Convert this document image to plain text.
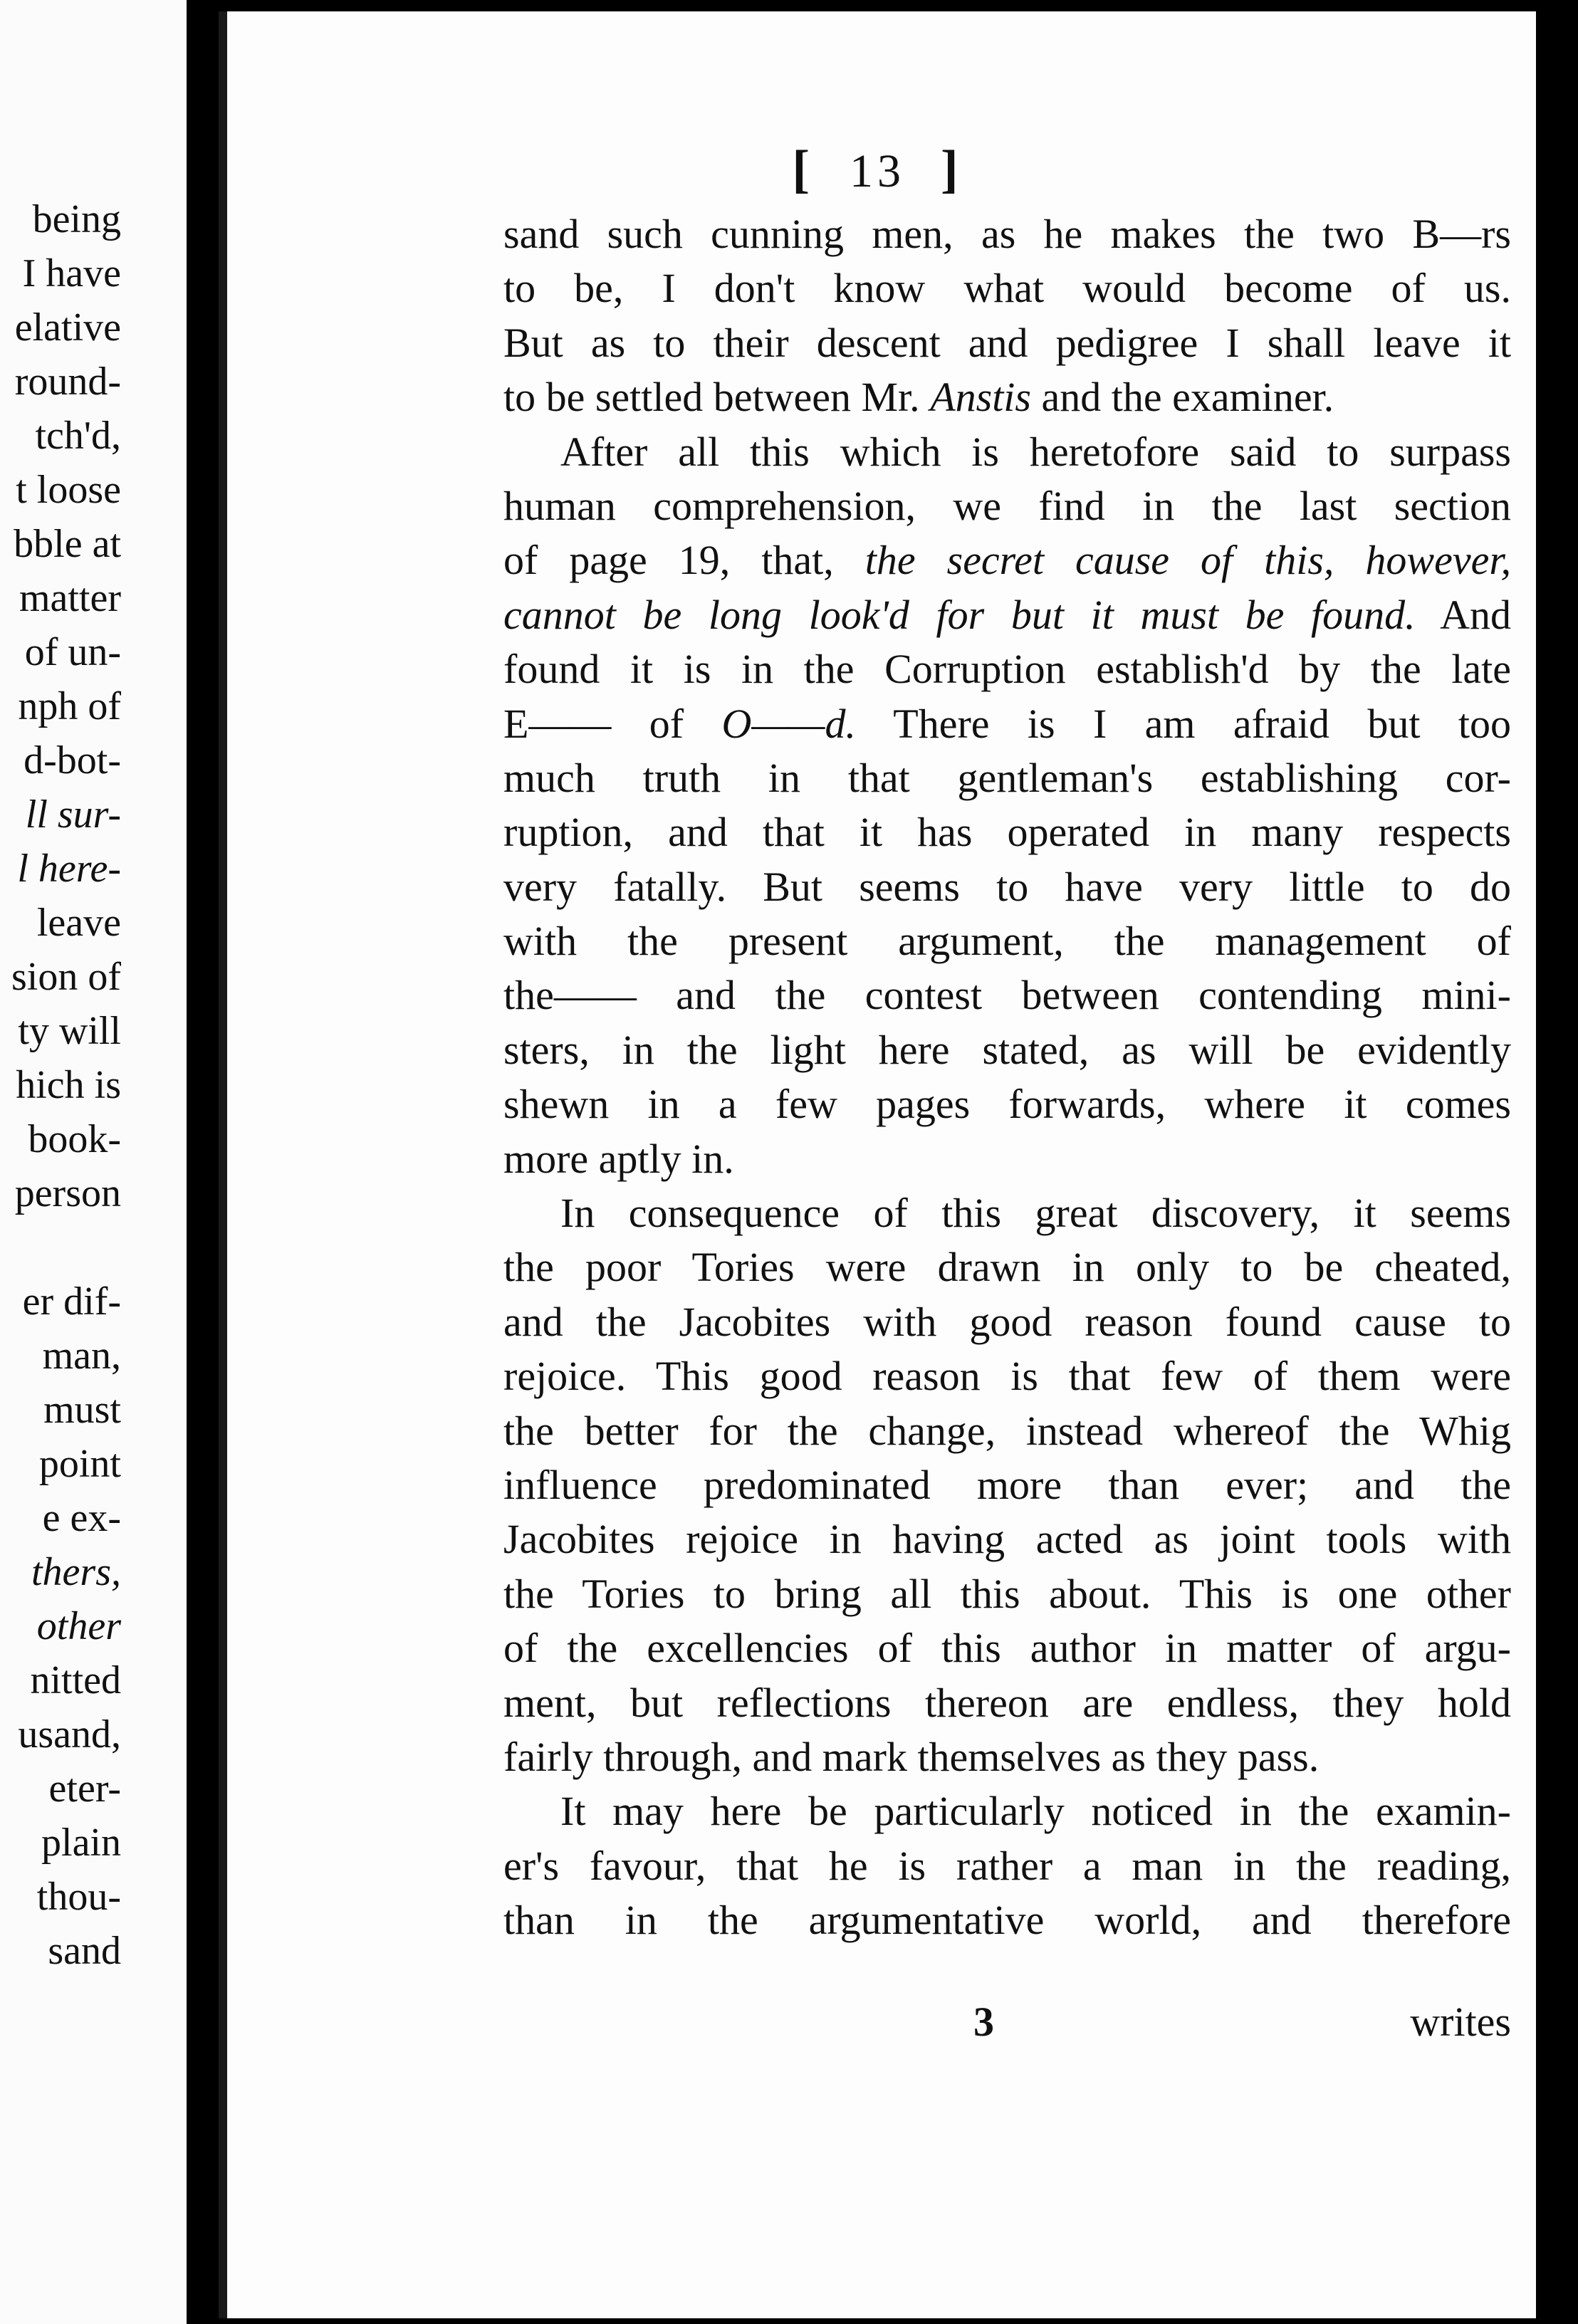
being
I have
elative
round-
tch'd,
t loose
bble at
matter
of un-
nph of
d-bot-
ll sur-
l here-
leave
sion of
ty will
hich is
book-
person
er dif-
man,
must
point
e ex-
thers,
other
nitted
usand,
eter-
plain
thou-
sand
[ 13 ]
sand such cunning men, as he makes the two B—rs
to be, I don't know what would become of us.
But as to their descent and pedigree I shall leave it
to be settled between Mr. Anstis and the examiner.
After all this which is heretofore said to surpass
human comprehension, we find in the last section
of page 19, that, the secret cause of this, however,
cannot be long look'd for but it must be found. And
found it is in the Corruption establish'd by the late
E—— of O——d. There is I am afraid but too
much truth in that gentleman's establishing cor-
ruption, and that it has operated in many respects
very fatally. But seems to have very little to do
with the present argument, the management of
the—— and the contest between contending mini-
sters, in the light here stated, as will be evidently
shewn in a few pages forwards, where it comes
more aptly in.
In consequence of this great discovery, it seems
the poor Tories were drawn in only to be cheated,
and the Jacobites with good reason found cause to
rejoice. This good reason is that few of them were
the better for the change, instead whereof the Whig
influence predominated more than ever; and the
Jacobites rejoice in having acted as joint tools with
the Tories to bring all this about. This is one other
of the excellencies of this author in matter of argu-
ment, but reflections thereon are endless, they hold
fairly through, and mark themselves as they pass.
It may here be particularly noticed in the examin-
er's favour, that he is rather a man in the reading,
than in the argumentative world, and therefore
3	writes
